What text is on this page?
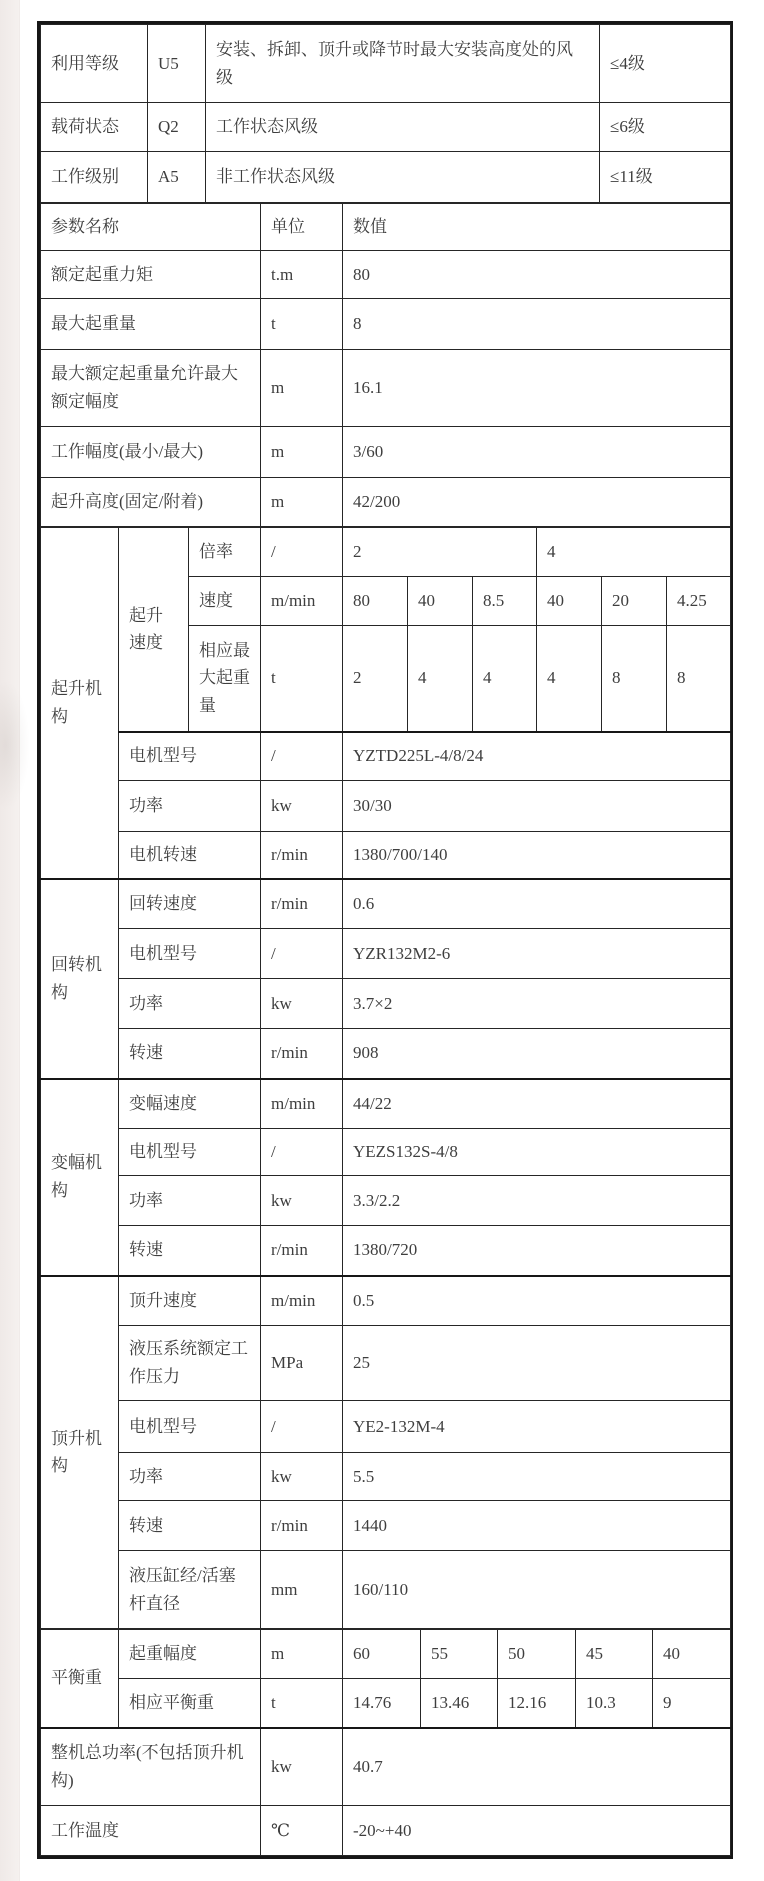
利用等级	U5	安装、拆卸、顶升或降节时最大安装高度处的风级	≤4级
载荷状态	Q2	工作状态风级	≤6级
工作级别	A5	非工作状态风级	≤11级
参数名称	单位	数值
额定起重力矩	t.m	80
最大起重量	t	8
最大额定起重量允许最大额定幅度	m	16.1
工作幅度(最小/最大)	m	3/60
起升高度(固定/附着)	m	42/200
起升机构	起升速度	倍率	/	2			4		
		速度	m/min	80	40	8.5	40	20	4.25
		相应最大起重量	t	2	4	4	4	8	8
	电机型号		/	YZTD225L-4/8/24					
	功率		kw	30/30					
	电机转速		r/min	1380/700/140					
回转机构	回转速度		r/min	0.6					
	电机型号		/	YZR132M2-6					
	功率		kw	3.7×2					
	转速		r/min	908					
变幅机构	变幅速度		m/min	44/22					
	电机型号		/	YEZS132S-4/8					
	功率		kw	3.3/2.2					
	转速		r/min	1380/720					
顶升机构	顶升速度		m/min	0.5					
	液压系统额定工作压力		MPa	25					
	电机型号		/	YE2-132M-4					
	功率		kw	5.5					
	转速		r/min	1440					
	液压缸经/活塞杆直径		mm	160/110					
平衡重	起重幅度	m	60	55	50	45	40
	相应平衡重	t	14.76	13.46	12.16	10.3	9
整机总功率(不包括顶升机构)		kw	40.7				
工作温度		℃	-20~+40				
